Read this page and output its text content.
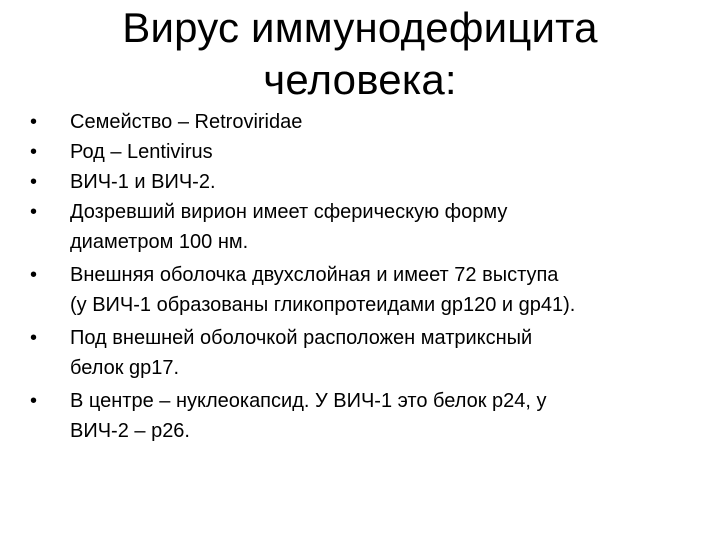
Вирус иммунодефицита
человека:
•	Семейство – Retroviridae
•	Род – Lentivirus
•	ВИЧ-1 и ВИЧ-2.
•	Дозревший вирион имеет сферическую форму
диаметром 100 нм.
•	Внешняя оболочка двухслойная и имеет 72 выступа
(у ВИЧ-1 образованы гликопротеидами gp120 и gp41).
•	Под внешней оболочкой расположен матриксный
белок gp17.
•	В центре – нуклеокапсид. У ВИЧ-1 это белок p24, у
ВИЧ-2 – p26.
